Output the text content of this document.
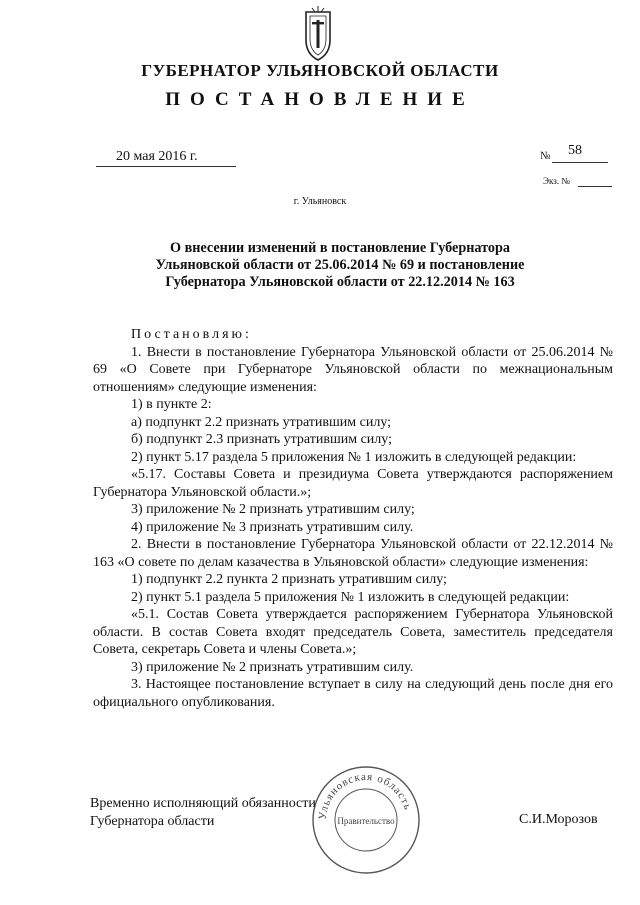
ГУБЕРНАТОР УЛЬЯНОВСКОЙ ОБЛАСТИ
ПОСТАНОВЛЕНИЕ
20 мая 2016 г.	№ 58
Экз. №
г. Ульяновск
О внесении изменений в постановление Губернатора
Ульяновской области от 25.06.2014 № 69 и постановление
Губернатора Ульяновской области от 22.12.2014 № 163

Постановляю:

1. Внести в постановление Губернатора Ульяновской области от 25.06.2014 № 69 «О Совете при Губернаторе Ульяновской области по межнациональным отношениям» следующие изменения:

1) в пункте 2:

а) подпункт 2.2 признать утратившим силу;

б) подпункт 2.3 признать утратившим силу;

2) пункт 5.17 раздела 5 приложения № 1 изложить в следующей редакции:

«5.17. Составы Совета и президиума Совета утверждаются распоряжением Губернатора Ульяновской области.»;

3) приложение № 2 признать утратившим силу;

4) приложение № 3 признать утратившим силу.

2. Внести в постановление Губернатора Ульяновской области от 22.12.2014 № 163 «О совете по делам казачества в Ульяновской области» следующие изменения:

1) подпункт 2.2 пункта 2 признать утратившим силу;

2) пункт 5.1 раздела 5 приложения № 1 изложить в следующей редакции:

«5.1. Состав Совета утверждается распоряжением Губернатора Ульяновской области. В состав Совета входят председатель Совета, заместитель председателя Совета, секретарь Совета и члены Совета.»;

3) приложение № 2 признать утратившим силу.

3. Настоящее постановление вступает в силу на следующий день после дня его официального опубликования.

Ульяновская область
Правительство
Временно исполняющий обязанности
Губернатора области	С.И.Морозов
